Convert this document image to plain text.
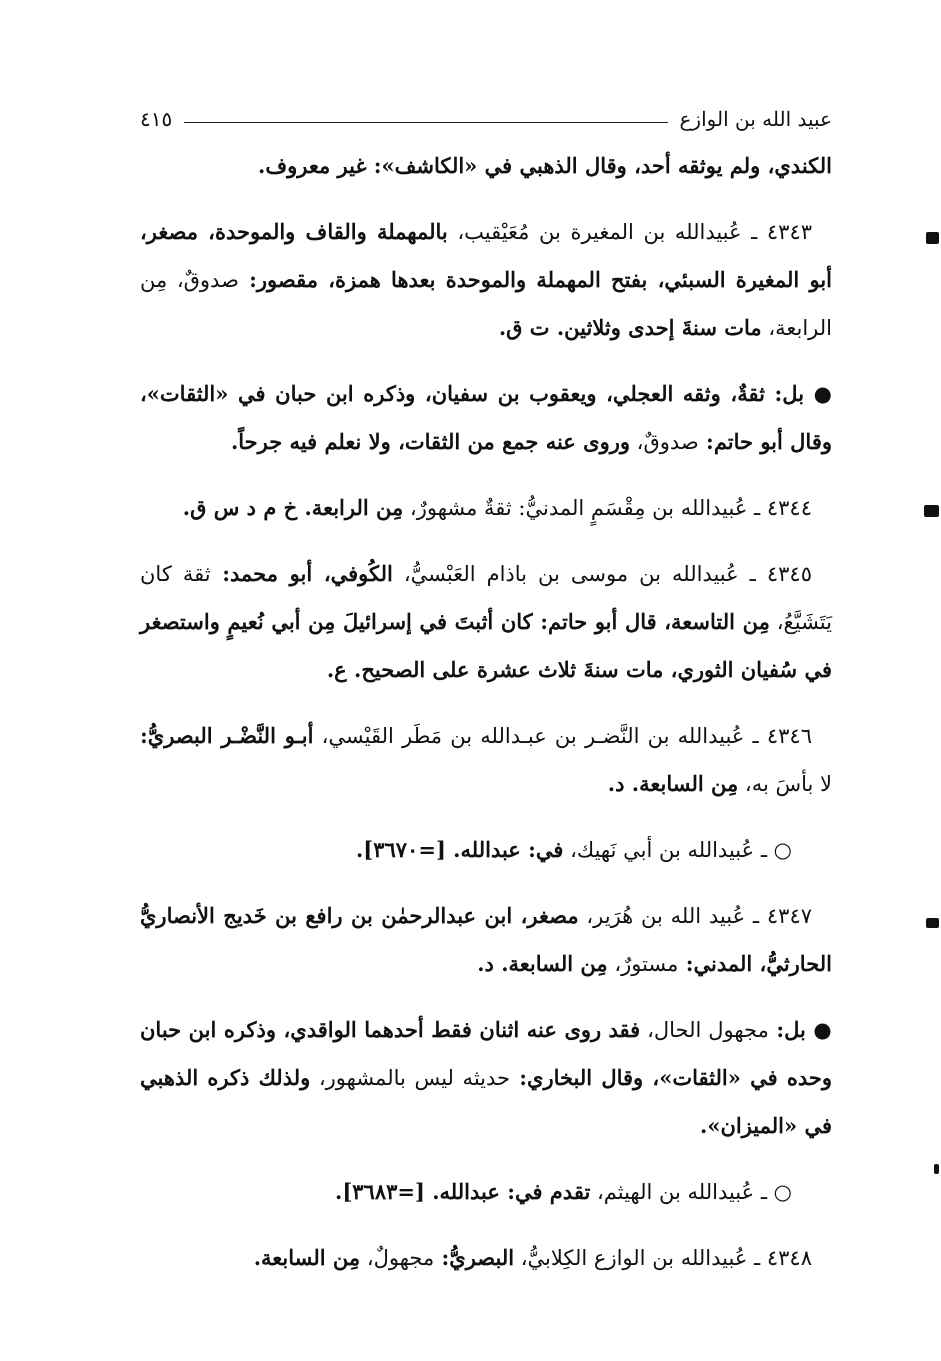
عبيد الله بن الوازع
٤١٥

الكندي، ولم يوثقه أحد، وقال الذهبي في «الكاشف»: غير معروف.

٤٣٤٣ ـ عُبيدالله بن المغيرة بن مُعَيْقيب، بالمهملة والقاف والموحدة، مصغر، أبو المغيرة السبئي، بفتح المهملة والموحدة بعدها همزة، مقصور: صدوقٌ، مِن الرابعة، مات سنةَ إحدى وثلاثين. ت ق.

● بل: ثقةٌ، وثقه العجلي، ويعقوب بن سفيان، وذكره ابن حبان في «الثقات»، وقال أبو حاتم: صدوقٌ، وروى عنه جمع من الثقات، ولا نعلم فيه جرحاً.

٤٣٤٤ ـ عُبيدالله بن مِقْسَمٍ المدنيُّ: ثقةٌ مشهورٌ، مِن الرابعة. خ م د س ق.

٤٣٤٥ ـ عُبيدالله بن موسى بن باذام العَبْسيُّ، الكُوفي، أبو محمد: ثقة كان يَتَشَيَّعُ، مِن التاسعة، قال أبو حاتم: كان أثبتَ في إسرائيلَ مِن أبي نُعيمٍ واستصغر في سُفيان الثوري، مات سنةَ ثلاث عشرة على الصحيح. ع.

٤٣٤٦ ـ عُبيدالله بن النَّضـر بن عبـدالله بن مَطَر القَيْسي، أبـو النَّضْـر البصريُّ: لا بأسَ به، مِن السابعة. د.

○ ـ عُبيدالله بن أبي نَهيك، في: عبدالله. [=٣٦٧٠].

٤٣٤٧ ـ عُبيد الله بن هُرَير، مصغر، ابن عبدالرحمٰن بن رافع بن خَديج الأنصاريُّ الحارثيُّ، المدني: مستورٌ، مِن السابعة. د.

● بل: مجهول الحال، فقد روى عنه اثنان فقط أحدهما الواقدي، وذكره ابن حبان وحده في «الثقات»، وقال البخاري: حديثه ليس بالمشهور، ولذلك ذكره الذهبي في «الميزان».

○ ـ عُبيدالله بن الهيثم، تقدم في: عبدالله. [=٣٦٨٣].

٤٣٤٨ ـ عُبيدالله بن الوازع الكِلابيُّ، البصريُّ: مجهولٌ، مِن السابعة.
